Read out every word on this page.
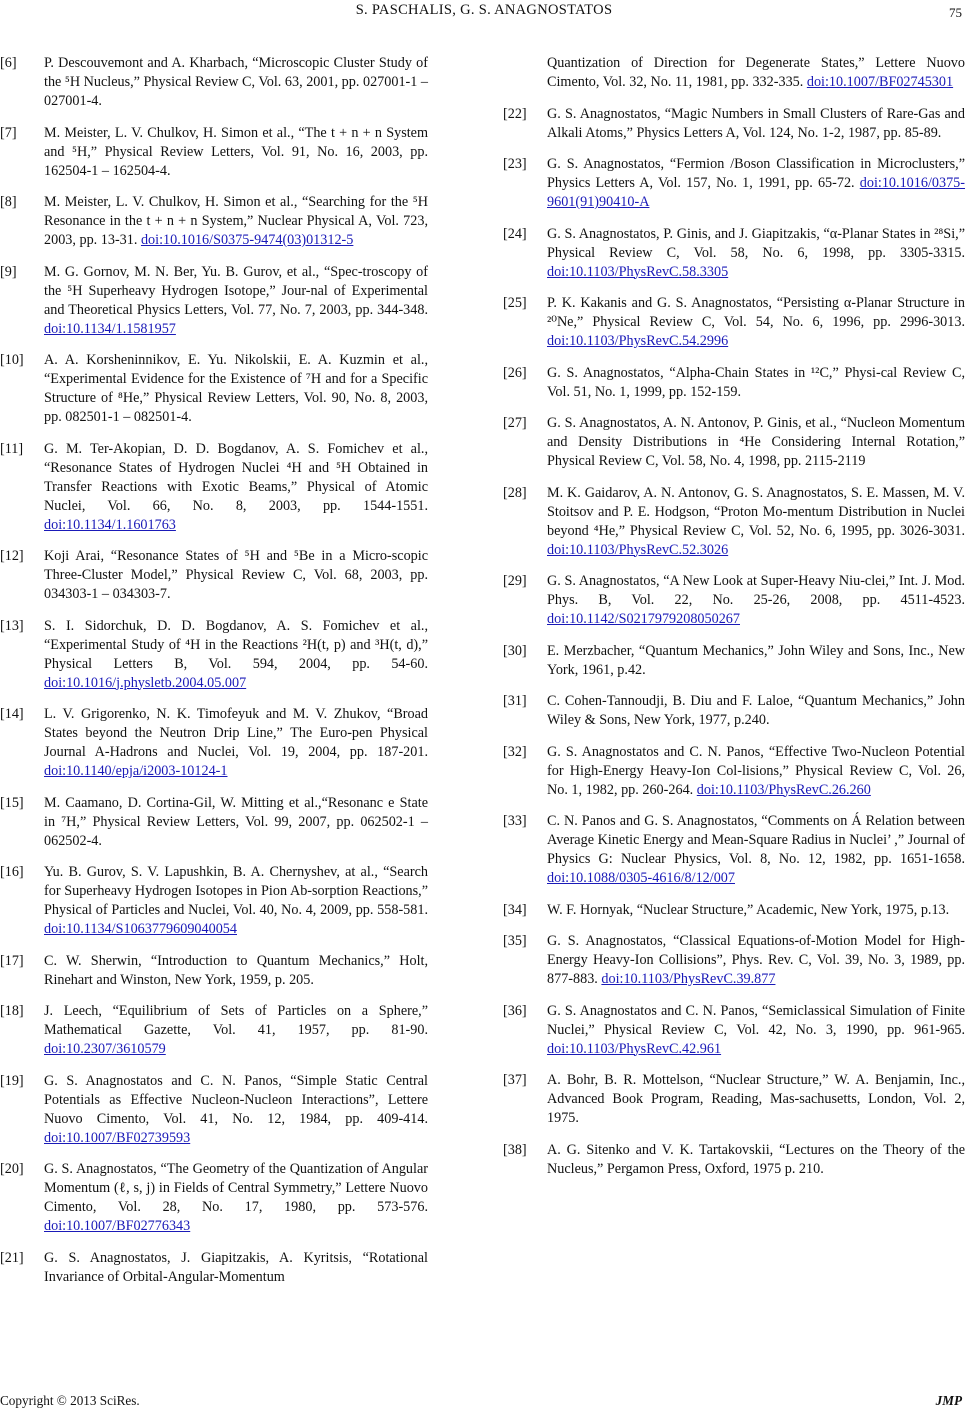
S. PASCHALIS, G. S. ANAGNOSTATOS	75
[6] P. Descouvemont and A. Kharbach, “Microscopic Cluster Study of the ⁵H Nucleus,” Physical Review C, Vol. 63, 2001, pp. 027001-1 – 027001-4.
[7] M. Meister, L. V. Chulkov, H. Simon et al., “The t + n + n System and ⁵H,” Physical Review Letters, Vol. 91, No. 16, 2003, pp. 162504-1 – 162504-4.
[8] M. Meister, L. V. Chulkov, H. Simon et al., “Searching for the ⁵H Resonance in the t + n + n System,” Nuclear Physical A, Vol. 723, 2003, pp. 13-31. doi:10.1016/S0375-9474(03)01312-5
[9] M. G. Gornov, M. N. Ber, Yu. B. Gurov, et al., “Spec-troscopy of the ⁵H Superheavy Hydrogen Isotope,” Jour-nal of Experimental and Theoretical Physics Letters, Vol. 77, No. 7, 2003, pp. 344-348. doi:10.1134/1.1581957
[10] A. A. Korsheninnikov, E. Yu. Nikolskii, E. A. Kuzmin et al., “Experimental Evidence for the Existence of ⁷H and for a Specific Structure of ⁸He,” Physical Review Letters, Vol. 90, No. 8, 2003, pp. 082501-1 – 082501-4.
[11] G. M. Ter-Akopian, D. D. Bogdanov, A. S. Fomichev et al., “Resonance States of Hydrogen Nuclei ⁴H and ⁵H Obtained in Transfer Reactions with Exotic Beams,” Physical of Atomic Nuclei, Vol. 66, No. 8, 2003, pp. 1544-1551. doi:10.1134/1.1601763
[12] Koji Arai, “Resonance States of ⁵H and ⁵Be in a Micro-scopic Three-Cluster Model,” Physical Review C, Vol. 68, 2003, pp. 034303-1 – 034303-7.
[13] S. I. Sidorchuk, D. D. Bogdanov, A. S. Fomichev et al., “Experimental Study of ⁴H in the Reactions ²H(t, p) and ³H(t, d),” Physical Letters B, Vol. 594, 2004, pp. 54-60. doi:10.1016/j.physletb.2004.05.007
[14] L. V. Grigorenko, N. K. Timofeyuk and M. V. Zhukov, “Broad States beyond the Neutron Drip Line,” The Euro-pen Physical Journal A-Hadrons and Nuclei, Vol. 19, 2004, pp. 187-201. doi:10.1140/epja/i2003-10124-1
[15] M. Caamano, D. Cortina-Gil, W. Mitting et al.,“Resonanc e State in ⁷H,” Physical Review Letters, Vol. 99, 2007, pp. 062502-1 – 062502-4.
[16] Yu. B. Gurov, S. V. Lapushkin, B. A. Chernyshev, at al., “Search for Superheavy Hydrogen Isotopes in Pion Ab-sorption Reactions,” Physical of Particles and Nuclei, Vol. 40, No. 4, 2009, pp. 558-581. doi:10.1134/S1063779609040054
[17] C. W. Sherwin, “Introduction to Quantum Mechanics,” Holt, Rinehart and Winston, New York, 1959, p. 205.
[18] J. Leech, “Equilibrium of Sets of Particles on a Sphere,” Mathematical Gazette, Vol. 41, 1957, pp. 81-90. doi:10.2307/3610579
[19] G. S. Anagnostatos and C. N. Panos, “Simple Static Central Potentials as Effective Nucleon-Nucleon Interactions”, Lettere Nuovo Cimento, Vol. 41, No. 12, 1984, pp. 409-414. doi:10.1007/BF02739593
[20] G. S. Anagnostatos, “The Geometry of the Quantization of Angular Momentum (ℓ, s, j) in Fields of Central Symmetry,” Lettere Nuovo Cimento, Vol. 28, No. 17, 1980, pp. 573-576. doi:10.1007/BF02776343
[21] G. S. Anagnostatos, J. Giapitzakis, A. Kyritsis, “Rotational Invariance of Orbital-Angular-Momentum
Quantization of Direction for Degenerate States,” Lettere Nuovo Cimento, Vol. 32, No. 11, 1981, pp. 332-335. doi:10.1007/BF02745301
[22] G. S. Anagnostatos, “Magic Numbers in Small Clusters of Rare-Gas and Alkali Atoms,” Physics Letters A, Vol. 124, No. 1-2, 1987, pp. 85-89.
[23] G. S. Anagnostatos, “Fermion /Boson Classification in Microclusters,” Physics Letters A, Vol. 157, No. 1, 1991, pp. 65-72. doi:10.1016/0375-9601(91)90410-A
[24] G. S. Anagnostatos, P. Ginis, and J. Giapitzakis, “α-Planar States in ²⁸Si,” Physical Review C, Vol. 58, No. 6, 1998, pp. 3305-3315. doi:10.1103/PhysRevC.58.3305
[25] P. K. Kakanis and G. S. Anagnostatos, “Persisting α-Planar Structure in ²⁰Ne,” Physical Review C, Vol. 54, No. 6, 1996, pp. 2996-3013. doi:10.1103/PhysRevC.54.2996
[26] G. S. Anagnostatos, “Alpha-Chain States in ¹²C,” Physi-cal Review C, Vol. 51, No. 1, 1999, pp. 152-159.
[27] G. S. Anagnostatos, A. N. Antonov, P. Ginis, et al., “Nucleon Momentum and Density Distributions in ⁴He Considering Internal Rotation,” Physical Review C, Vol. 58, No. 4, 1998, pp. 2115-2119
[28] M. K. Gaidarov, A. N. Antonov, G. S. Anagnostatos, S. E. Massen, M. V. Stoitsov and P. E. Hodgson, “Proton Mo-mentum Distribution in Nuclei beyond ⁴He,” Physical Review C, Vol. 52, No. 6, 1995, pp. 3026-3031. doi:10.1103/PhysRevC.52.3026
[29] G. S. Anagnostatos, “A New Look at Super-Heavy Niu-clei,” Int. J. Mod. Phys. B, Vol. 22, No. 25-26, 2008, pp. 4511-4523. doi:10.1142/S0217979208050267
[30] E. Merzbacher, “Quantum Mechanics,” John Wiley and Sons, Inc., New York, 1961, p.42.
[31] C. Cohen-Tannoudji, B. Diu and F. Laloe, “Quantum Mechanics,” John Wiley & Sons, New York, 1977, p.240.
[32] G. S. Anagnostatos and C. N. Panos, “Effective Two-Nucleon Potential for High-Energy Heavy-Ion Col-lisions,” Physical Review C, Vol. 26, No. 1, 1982, pp. 260-264. doi:10.1103/PhysRevC.26.260
[33] C. N. Panos and G. S. Anagnostatos, “Comments on Á Relation between Average Kinetic Energy and Mean-Square Radius in Nuclei’ ,” Journal of Physics G: Nuclear Physics, Vol. 8, No. 12, 1982, pp. 1651-1658. doi:10.1088/0305-4616/8/12/007
[34] W. F. Hornyak, “Nuclear Structure,” Academic, New York, 1975, p.13.
[35] G. S. Anagnostatos, “Classical Equations-of-Motion Model for High-Energy Heavy-Ion Collisions”, Phys. Rev. C, Vol. 39, No. 3, 1989, pp. 877-883. doi:10.1103/PhysRevC.39.877
[36] G. S. Anagnostatos and C. N. Panos, “Semiclassical Simulation of Finite Nuclei,” Physical Review C, Vol. 42, No. 3, 1990, pp. 961-965. doi:10.1103/PhysRevC.42.961
[37] A. Bohr, B. R. Mottelson, “Nuclear Structure,” W. A. Benjamin, Inc., Advanced Book Program, Reading, Mas-sachusetts, London, Vol. 2, 1975.
[38] A. G. Sitenko and V. K. Tartakovskii, “Lectures on the Theory of the Nucleus,” Pergamon Press, Oxford, 1975 p. 210.
Copyright © 2013 SciRes.	JMP
